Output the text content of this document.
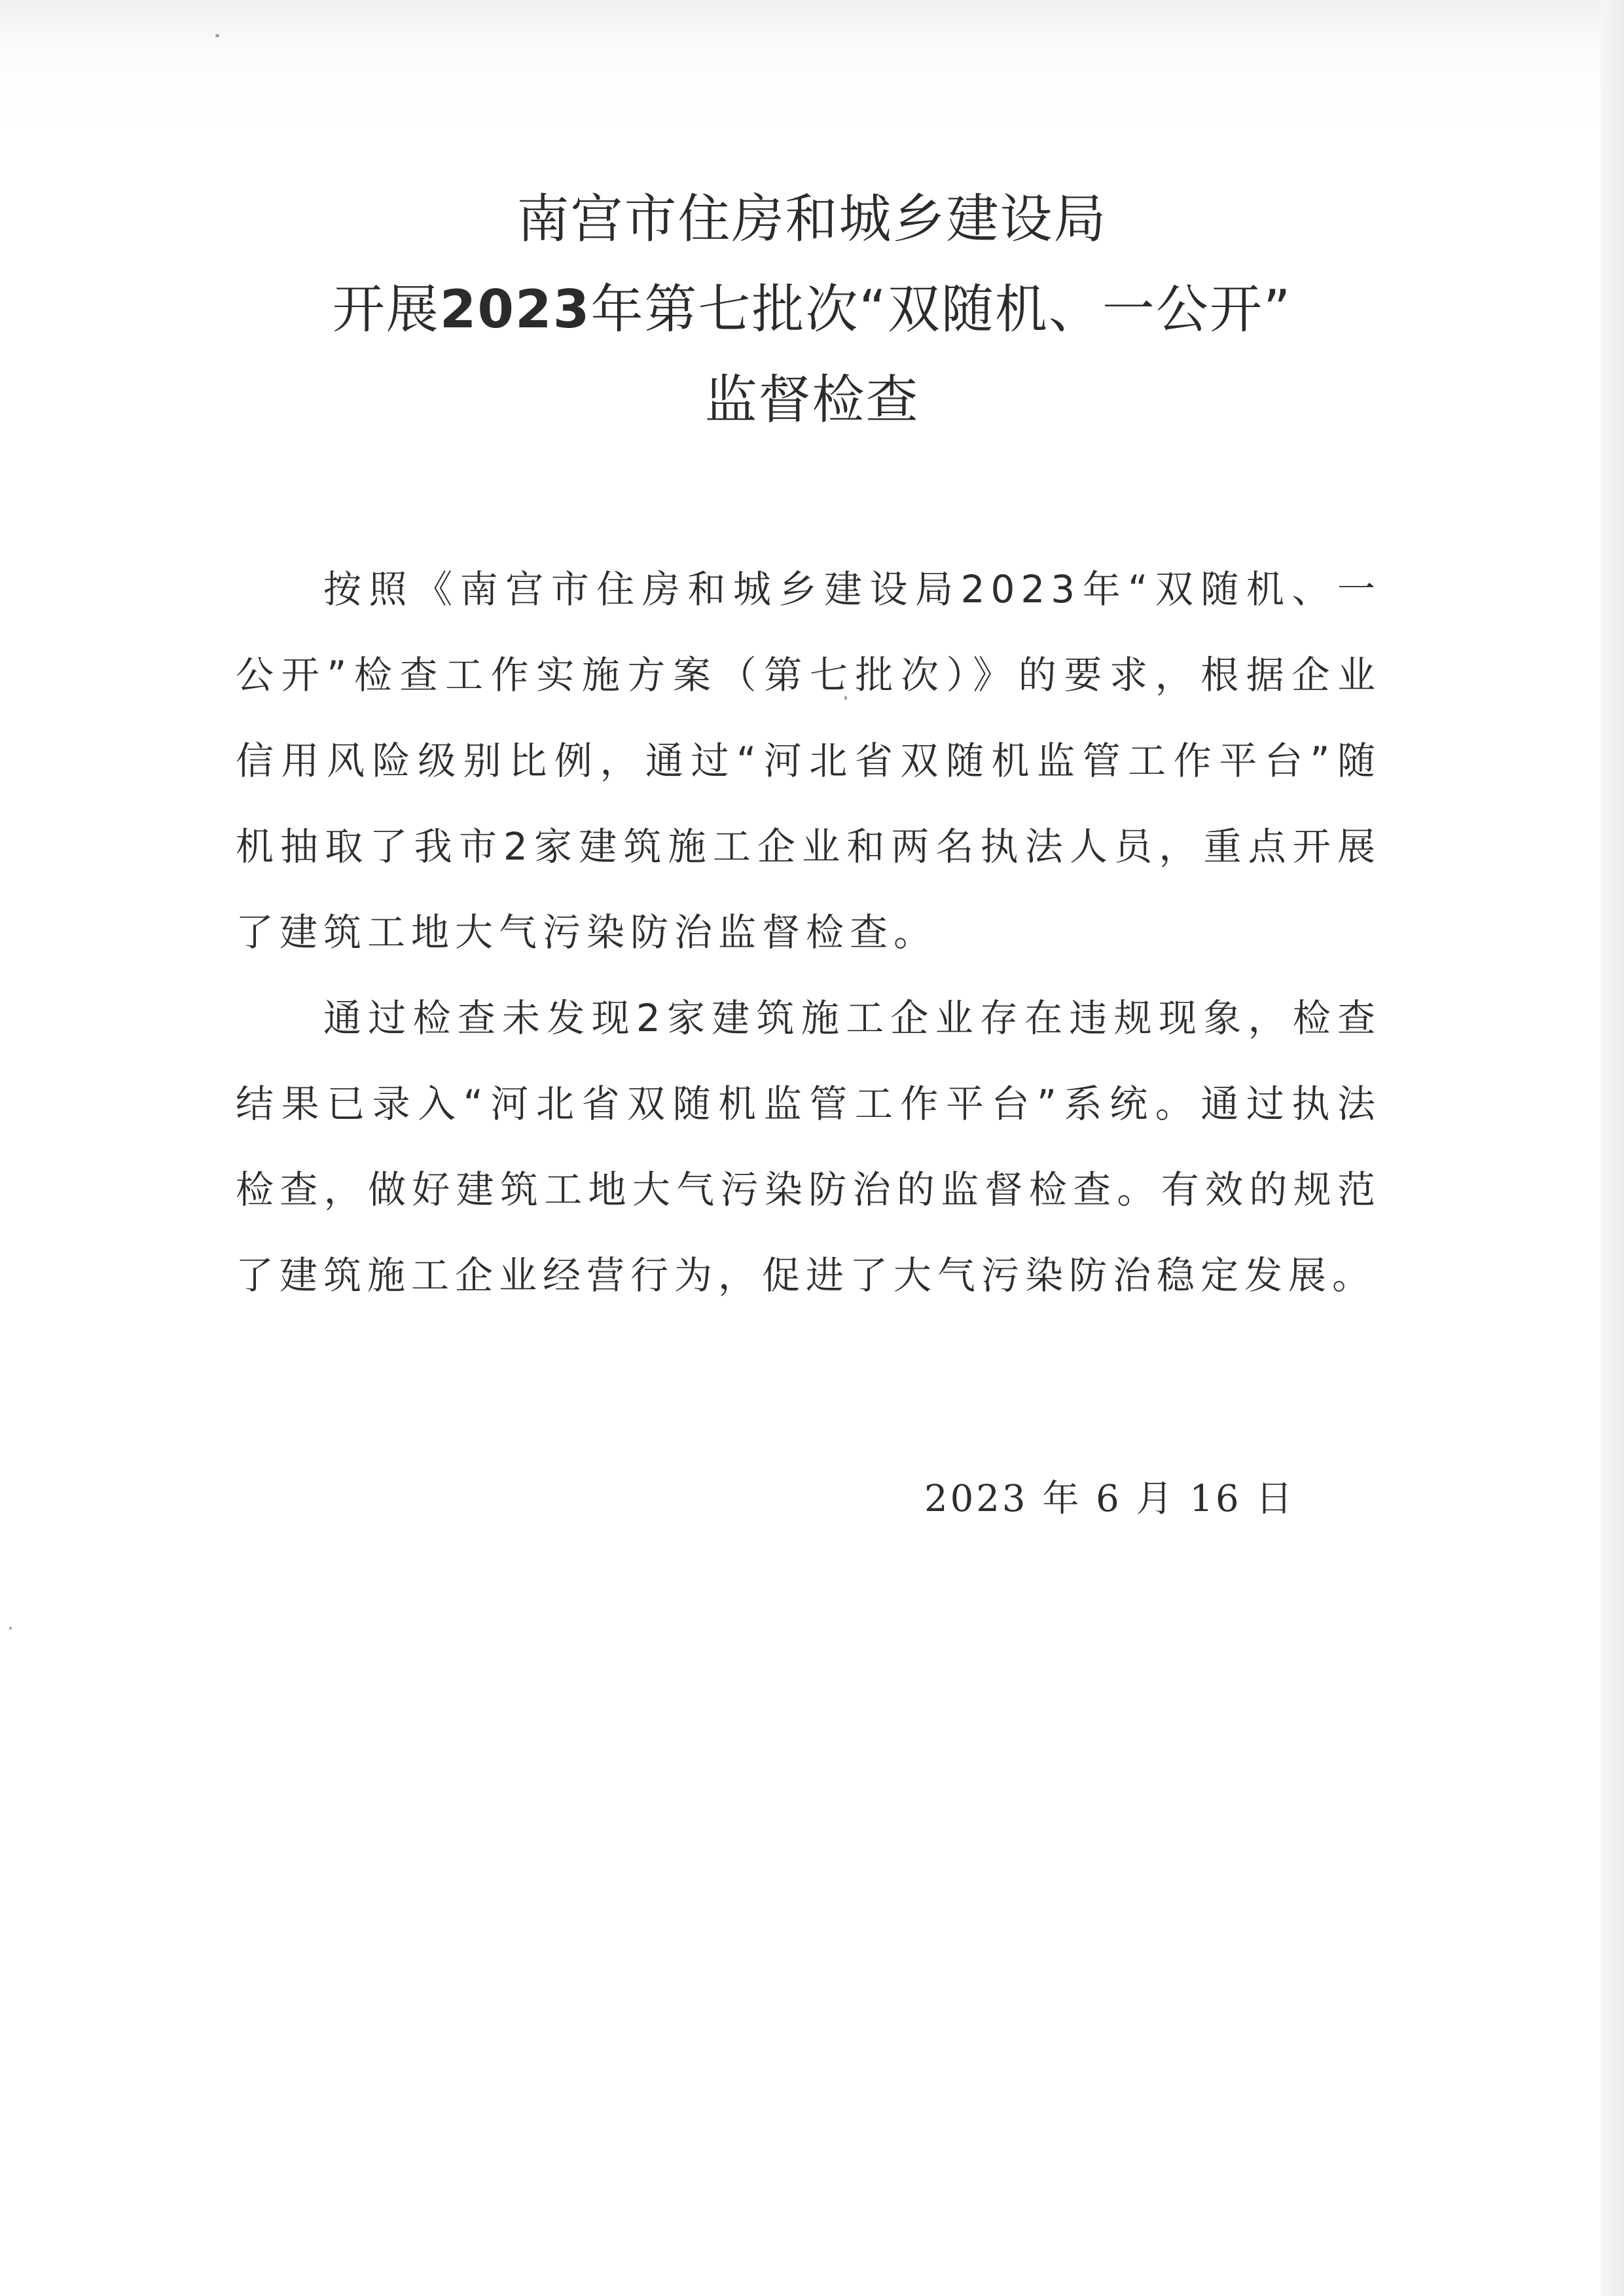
南宫市住房和城乡建设局
开展2023年第七批次“双随机、一公开”
监督检查
按照《南宫市住房和城乡建设局2023年“双随机、一
公开”检查工作实施方案（第七批次）》的要求，根据企业
信用风险级别比例，通过“河北省双随机监管工作平台”随
机抽取了我市2家建筑施工企业和两名执法人员，重点开展
了建筑工地大气污染防治监督检查。
通过检查未发现2家建筑施工企业存在违规现象，检查
结果已录入“河北省双随机监管工作平台”系统。通过执法
检查，做好建筑工地大气污染防治的监督检查。有效的规范
了建筑施工企业经营行为，促进了大气污染防治稳定发展。
2023 年 6 月 16 日
